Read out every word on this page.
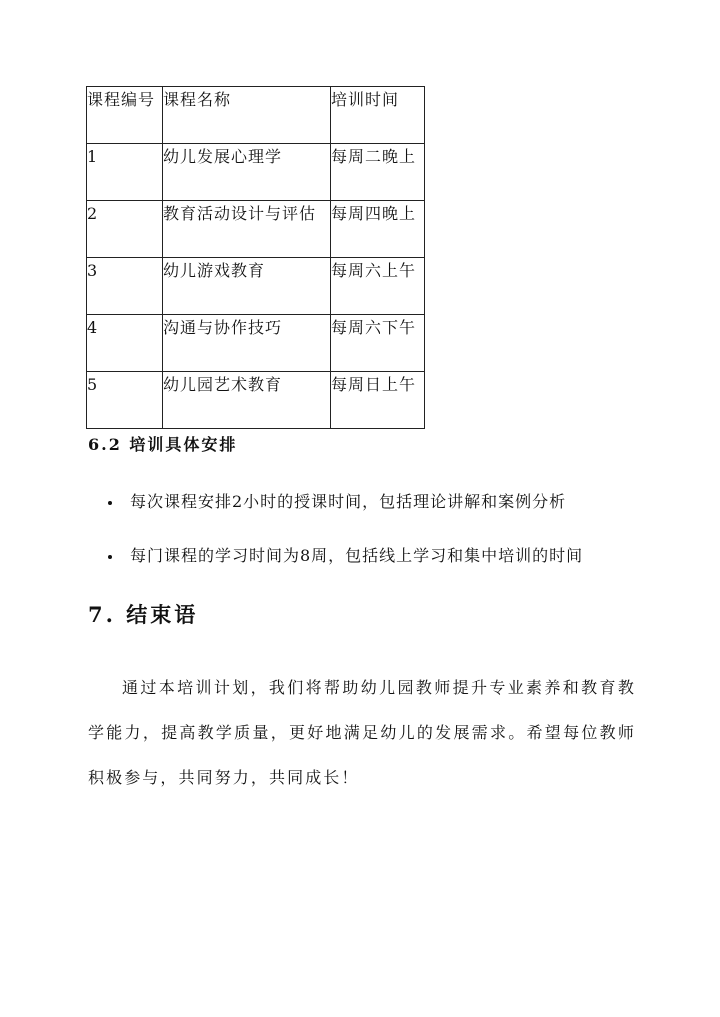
课程编号	课程名称	培训时间
1	幼儿发展心理学	每周二晚上
2	教育活动设计与评估	每周四晚上
3	幼儿游戏教育	每周六上午
4	沟通与协作技巧	每周六下午
5	幼儿园艺术教育	每周日上午
6.2 培训具体安排
每次课程安排2小时的授课时间，包括理论讲解和案例分析
每门课程的学习时间为8周，包括线上学习和集中培训的时间
7. 结束语

通过本培训计划，我们将帮助幼儿园教师提升专业素养和教育教学能力，提高教学质量，更好地满足幼儿的发展需求。希望每位教师积极参与，共同努力，共同成长！
